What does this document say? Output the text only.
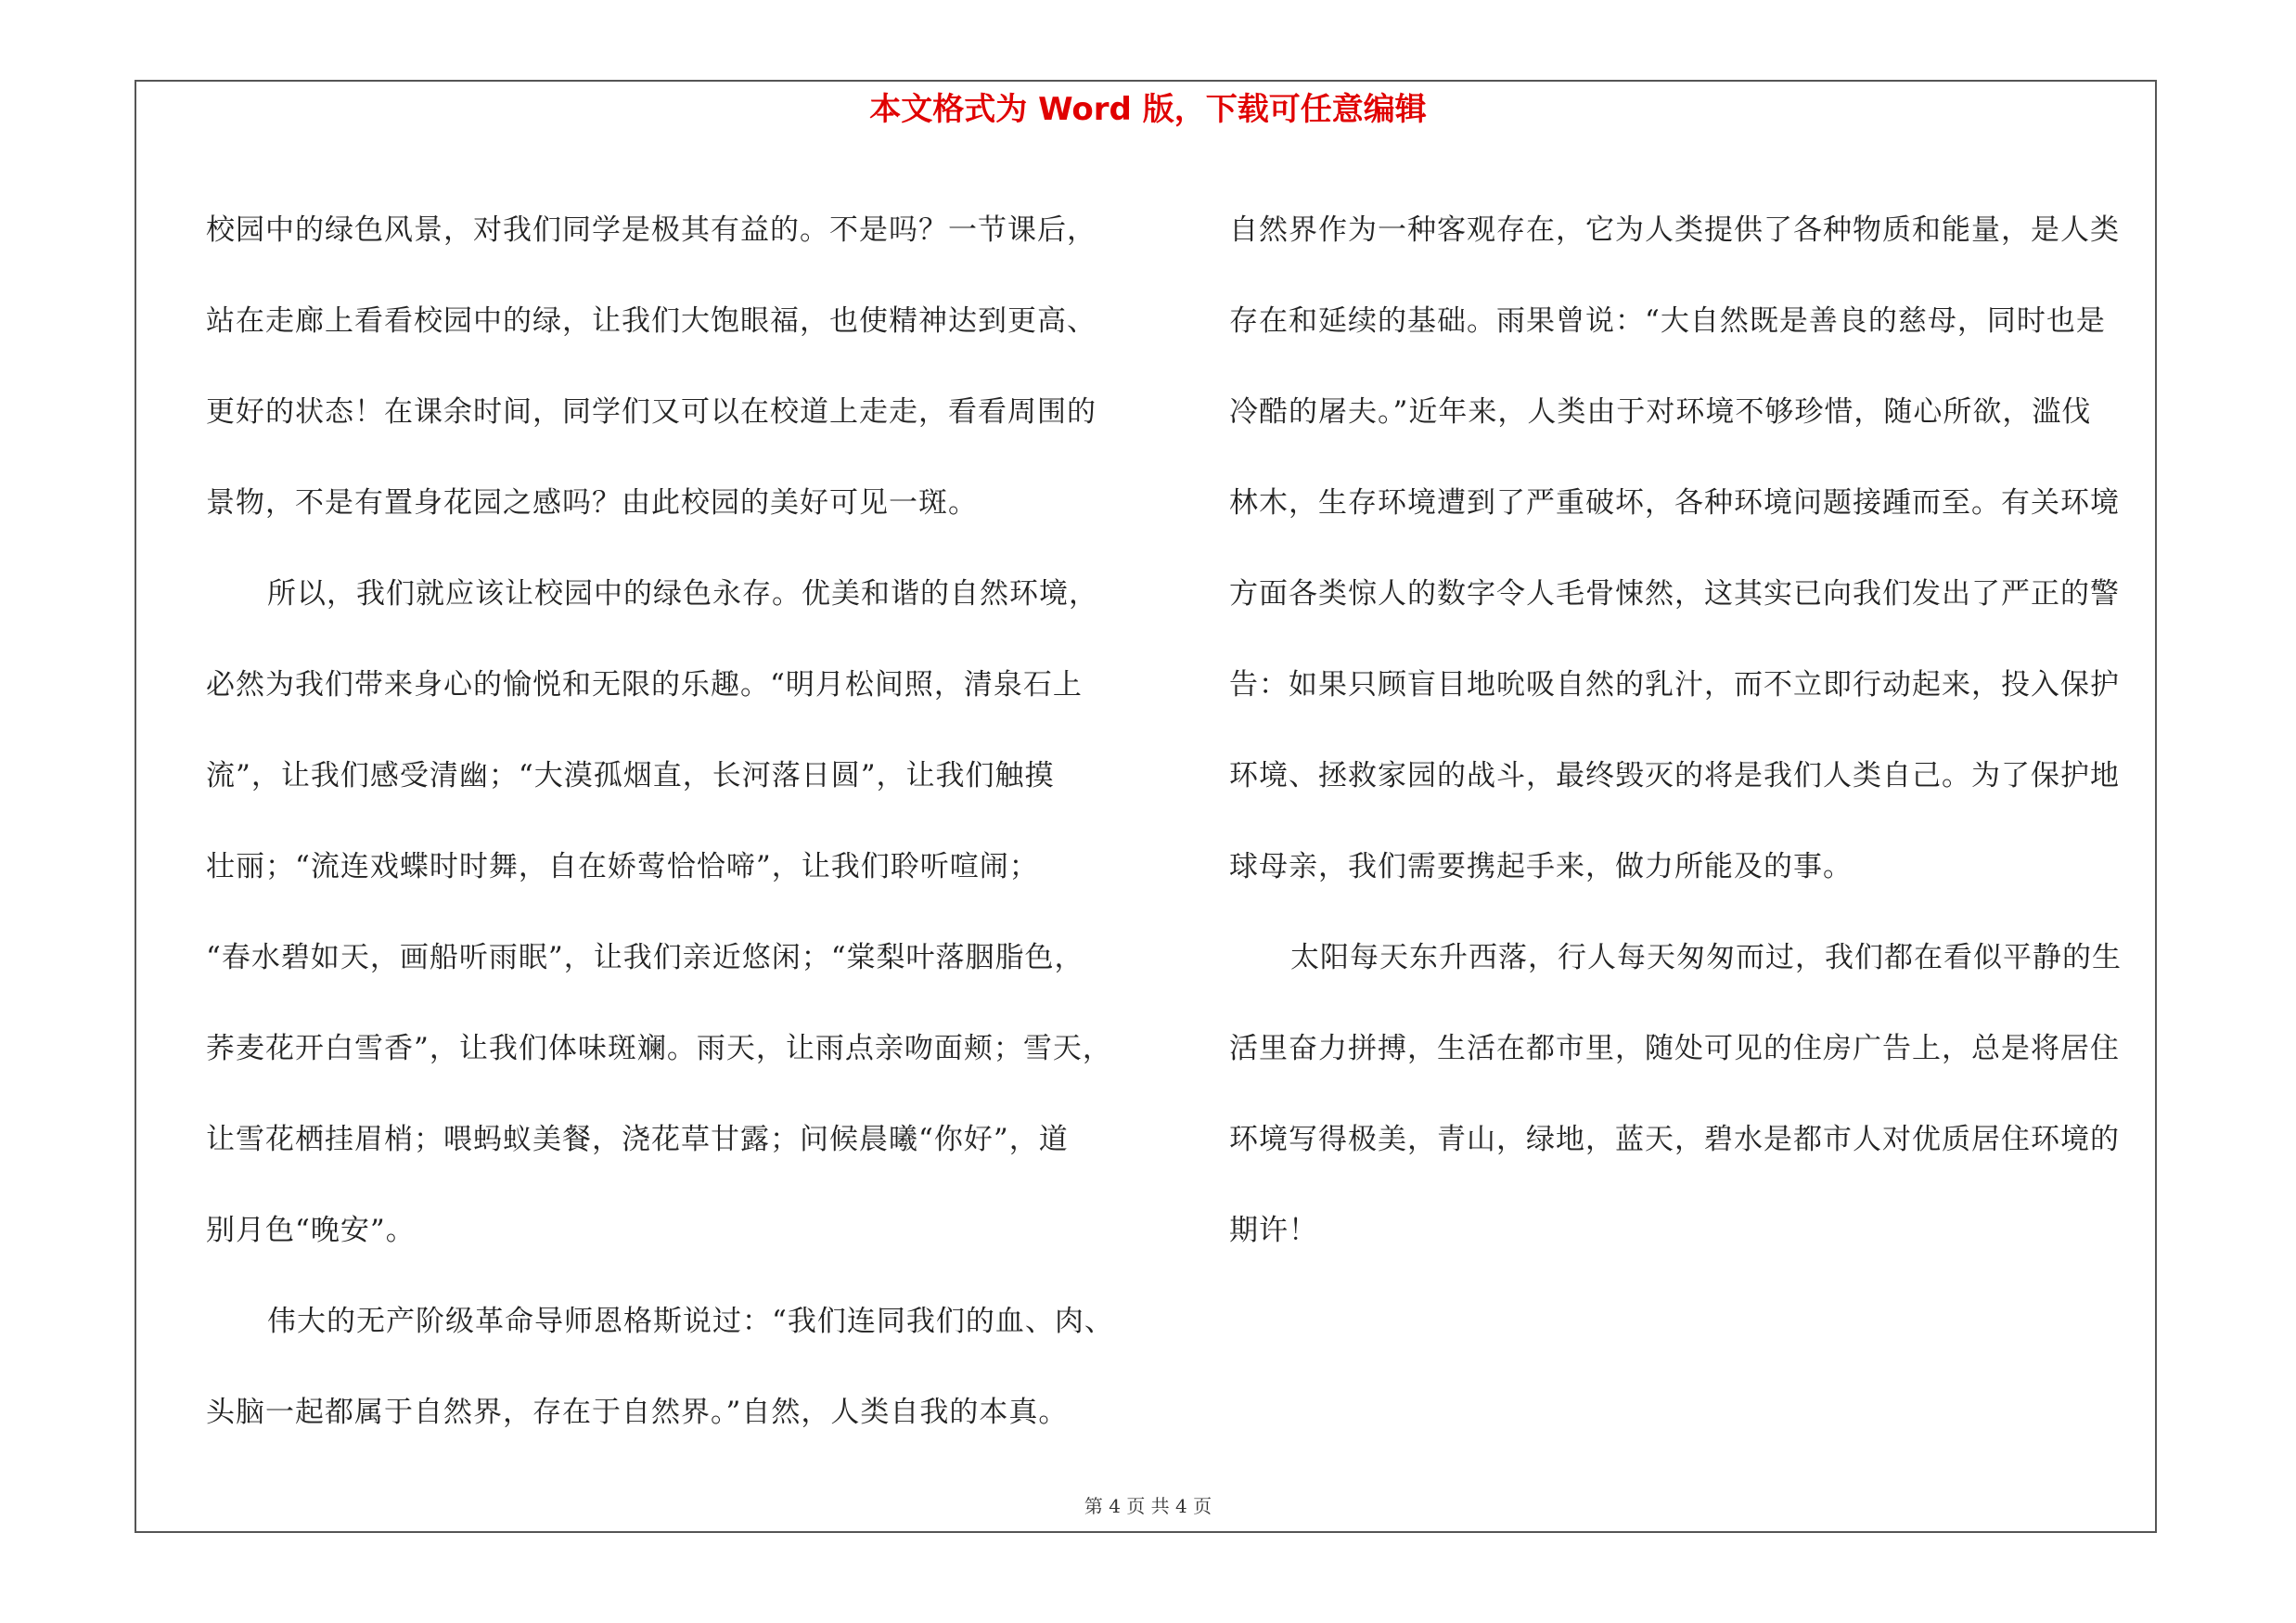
本文格式为 Word 版，下载可任意编辑
校园中的绿色风景，对我们同学是极其有益的。不是吗？一节课后，
站在走廊上看看校园中的绿，让我们大饱眼福，也使精神达到更高、
更好的状态！在课余时间，同学们又可以在校道上走走，看看周围的
景物，不是有置身花园之感吗？由此校园的美好可见一斑。
所以，我们就应该让校园中的绿色永存。优美和谐的自然环境，
必然为我们带来身心的愉悦和无限的乐趣。“明月松间照，清泉石上
流”，让我们感受清幽；“大漠孤烟直，长河落日圆”，让我们触摸
壮丽；“流连戏蝶时时舞，自在娇莺恰恰啼”，让我们聆听喧闹；
“春水碧如天，画船听雨眠”，让我们亲近悠闲；“棠梨叶落胭脂色，
荞麦花开白雪香”，让我们体味斑斓。雨天，让雨点亲吻面颊；雪天，
让雪花栖挂眉梢；喂蚂蚁美餐，浇花草甘露；问候晨曦“你好”，道
别月色“晚安”。
伟大的无产阶级革命导师恩格斯说过：“我们连同我们的血、肉、
头脑一起都属于自然界，存在于自然界。”自然，人类自我的本真。
自然界作为一种客观存在，它为人类提供了各种物质和能量，是人类
存在和延续的基础。雨果曾说：“大自然既是善良的慈母，同时也是
冷酷的屠夫。”近年来，人类由于对环境不够珍惜，随心所欲，滥伐
林木，生存环境遭到了严重破坏，各种环境问题接踵而至。有关环境
方面各类惊人的数字令人毛骨悚然，这其实已向我们发出了严正的警
告：如果只顾盲目地吮吸自然的乳汁，而不立即行动起来，投入保护
环境、拯救家园的战斗，最终毁灭的将是我们人类自己。为了保护地
球母亲，我们需要携起手来，做力所能及的事。
太阳每天东升西落，行人每天匆匆而过，我们都在看似平静的生
活里奋力拼搏，生活在都市里，随处可见的住房广告上，总是将居住
环境写得极美，青山，绿地，蓝天，碧水是都市人对优质居住环境的
期许！
第 4 页 共 4 页
